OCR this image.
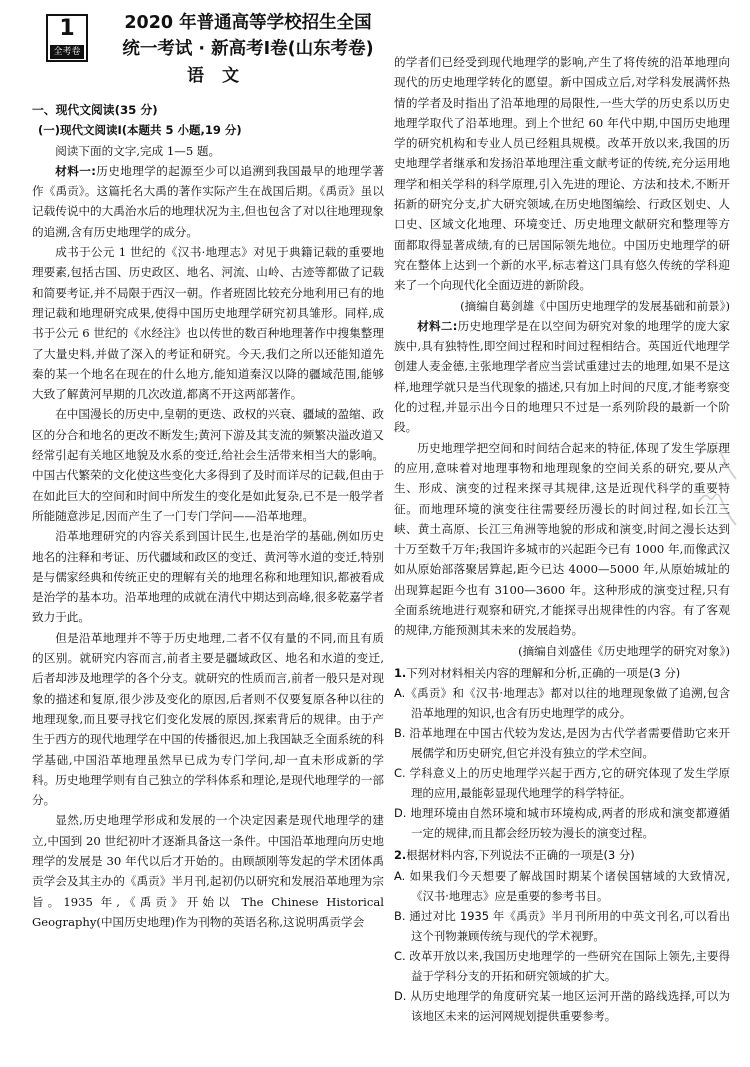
1
全考卷
2020 年普通高等学校招生全国
统一考试 · 新高考Ⅰ卷(山东考卷)
语文
一、现代文阅读(35 分)
(一)现代文阅读Ⅰ(本题共 5 小题,19 分)

阅读下面的文字,完成 1—5 题。

材料一:历史地理学的起源至少可以追溯到我国最早的地理学著作《禹贡》。这篇托名大禹的著作实际产生在战国后期。《禹贡》虽以记载传说中的大禹治水后的地理状况为主,但也包含了对以往地理现象的追溯,含有历史地理学的成分。

成书于公元 1 世纪的《汉书·地理志》对见于典籍记载的重要地理要素,包括古国、历史政区、地名、河流、山岭、古迹等都做了记载和简要考证,并不局限于西汉一朝。作者班固比较充分地利用已有的地理记载和地理研究成果,使得中国历史地理学研究初具雏形。同样,成书于公元 6 世纪的《水经注》也以传世的数百种地理著作中搜集整理了大量史料,并做了深入的考证和研究。今天,我们之所以还能知道先秦的某一个地名在现在的什么地方,能知道秦汉以降的疆域范围,能够大致了解黄河早期的几次改道,都离不开这两部著作。

在中国漫长的历史中,皇朝的更迭、政权的兴衰、疆域的盈缩、政区的分合和地名的更改不断发生;黄河下游及其支流的频繁决溢改道又经常引起有关地区地貌及水系的变迁,给社会生活带来相当大的影响。中国古代繁荣的文化使这些变化大多得到了及时而详尽的记载,但由于在如此巨大的空间和时间中所发生的变化是如此复杂,已不是一般学者所能随意涉足,因而产生了一门专门学问——沿革地理。

沿革地理研究的内容关系到国计民生,也是治学的基础,例如历史地名的注释和考证、历代疆域和政区的变迁、黄河等水道的变迁,特别是与儒家经典和传统正史的理解有关的地理名称和地理知识,都被看成是治学的基本功。沿革地理的成就在清代中期达到高峰,很多乾嘉学者致力于此。

但是沿革地理并不等于历史地理,二者不仅有量的不同,而且有质的区别。就研究内容而言,前者主要是疆域政区、地名和水道的变迁,后者却涉及地理学的各个分支。就研究的性质而言,前者一般只是对现象的描述和复原,很少涉及变化的原因,后者则不仅要复原各种以往的地理现象,而且要寻找它们变化发展的原因,探索背后的规律。由于产生于西方的现代地理学在中国的传播很迟,加上我国缺乏全面系统的科学基础,中国沿革地理虽然早已成为专门学问,却一直未形成新的学科。历史地理学则有自己独立的学科体系和理论,是现代地理学的一部分。

显然,历史地理学形成和发展的一个决定因素是现代地理学的建立,中国到 20 世纪初叶才逐渐具备这一条件。中国沿革地理向历史地理学的发展是 30 年代以后才开始的。由顾颉刚等发起的学术团体禹贡学会及其主办的《禹贡》半月刊,起初仍以研究和发展沿革地理为宗旨。1935 年,《禹贡》开始以 The Chinese Historical Geography(中国历史地理)作为刊物的英语名称,这说明禹贡学会

的学者们已经受到现代地理学的影响,产生了将传统的沿革地理向现代的历史地理学转化的愿望。新中国成立后,对学科发展满怀热情的学者及时指出了沿革地理的局限性,一些大学的历史系以历史地理学取代了沿革地理。到上个世纪 60 年代中期,中国历史地理学的研究机构和专业人员已经粗具规模。改革开放以来,我国的历史地理学者继承和发扬沿革地理注重文献考证的传统,充分运用地理学和相关学科的科学原理,引入先进的理论、方法和技术,不断开拓新的研究分支,扩大研究领域,在历史地图编绘、行政区划史、人口史、区域文化地理、环境变迁、历史地理文献研究和整理等方面都取得显著成绩,有的已居国际领先地位。中国历史地理学的研究在整体上达到一个新的水平,标志着这门具有悠久传统的学科迎来了一个向现代化全面迈进的新阶段。

(摘编自葛剑雄《中国历史地理学的发展基础和前景》)

材料二:历史地理学是在以空间为研究对象的地理学的庞大家族中,具有独特性,即空间过程和时间过程相结合。英国近代地理学创建人麦金德,主张地理学者应当尝试重建过去的地理,如果不是这样,地理学就只是当代现象的描述,只有加上时间的尺度,才能考察变化的过程,并显示出今日的地理只不过是一系列阶段的最新一个阶段。

历史地理学把空间和时间结合起来的特征,体现了发生学原理的应用,意味着对地理事物和地理现象的空间关系的研究,要从产生、形成、演变的过程来探寻其规律,这是近现代科学的重要特征。而地理环境的演变往往需要经历漫长的时间过程,如长江三峡、黄土高原、长江三角洲等地貌的形成和演变,时间之漫长达到十万至数千万年;我国许多城市的兴起距今已有 1000 年,而像武汉如从原始部落聚居算起,距今已达 4000—5000 年,从原始城址的出现算起距今也有 3100—3600 年。这种形成的演变过程,只有全面系统地进行观察和研究,才能探寻出规律性的内容。有了客观的规律,方能预测其未来的发展趋势。

(摘编自刘盛佳《历史地理学的研究对象》)

1.下列对材料相关内容的理解和分析,正确的一项是(3 分)
A.《禹贡》和《汉书·地理志》都对以往的地理现象做了追溯,包含沿革地理的知识,也含有历史地理学的成分。
B. 沿革地理在中国古代较为发达,是因为古代学者需要借助它来开展儒学和历史研究,但它并没有独立的学术空间。
C. 学科意义上的历史地理学兴起于西方,它的研究体现了发生学原理的应用,最能彰显现代地理学的科学特征。
D. 地理环境由自然环境和城市环境构成,两者的形成和演变都遵循一定的规律,而且都会经历较为漫长的演变过程。
2.根据材料内容,下列说法不正确的一项是(3 分)
A. 如果我们今天想要了解战国时期某个诸侯国辖域的大致情况,《汉书·地理志》应是重要的参考书目。
B. 通过对比 1935 年《禹贡》半月刊所用的中英文刊名,可以看出这个刊物兼顾传统与现代的学术视野。
C. 改革开放以来,我国历史地理学的一些研究在国际上领先,主要得益于学科分支的开拓和研究领域的扩大。
D. 从历史地理学的角度研究某一地区运河开凿的路线选择,可以为该地区未来的运河网规划提供重要参考。
〽〽
